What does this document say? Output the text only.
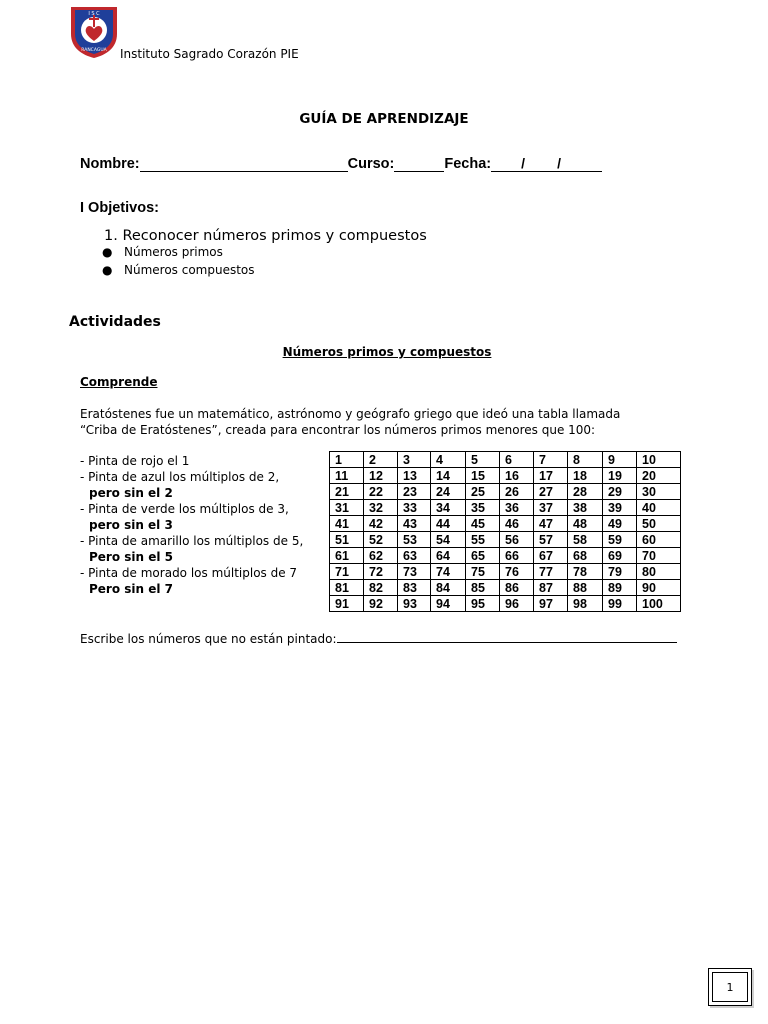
I S C
RANCAGUA Instituto Sagrado Corazón PIE
GUÍA DE APRENDIZAJE
Nombre:	Curso:	Fecha: / /
I Objetivos:
1. Reconocer números primos y compuestos
● Números primos
● Números compuestos
Actividades
Números primos y compuestos
Comprende
Eratóstenes fue un matemático, astrónomo y geógrafo griego que ideó una tabla llamada
“Criba de Eratóstenes”, creada para encontrar los números primos menores que 100:
- Pinta de rojo el 1
- Pinta de azul los múltiplos de 2,
pero sin el 2
- Pinta de verde los múltiplos de 3,
pero sin el 3
- Pinta de amarillo los múltiplos de 5,
Pero sin el 5
- Pinta de morado los múltiplos de 7
Pero sin el 7
1	2	3	4	5	6	7	8	9	10
11	12	13	14	15	16	17	18	19	20
21	22	23	24	25	26	27	28	29	30
31	32	33	34	35	36	37	38	39	40
41	42	43	44	45	46	47	48	49	50
51	52	53	54	55	56	57	58	59	60
61	62	63	64	65	66	67	68	69	70
71	72	73	74	75	76	77	78	79	80
81	82	83	84	85	86	87	88	89	90
91	92	93	94	95	96	97	98	99	100
Escribe los números que no están pintado:
1
